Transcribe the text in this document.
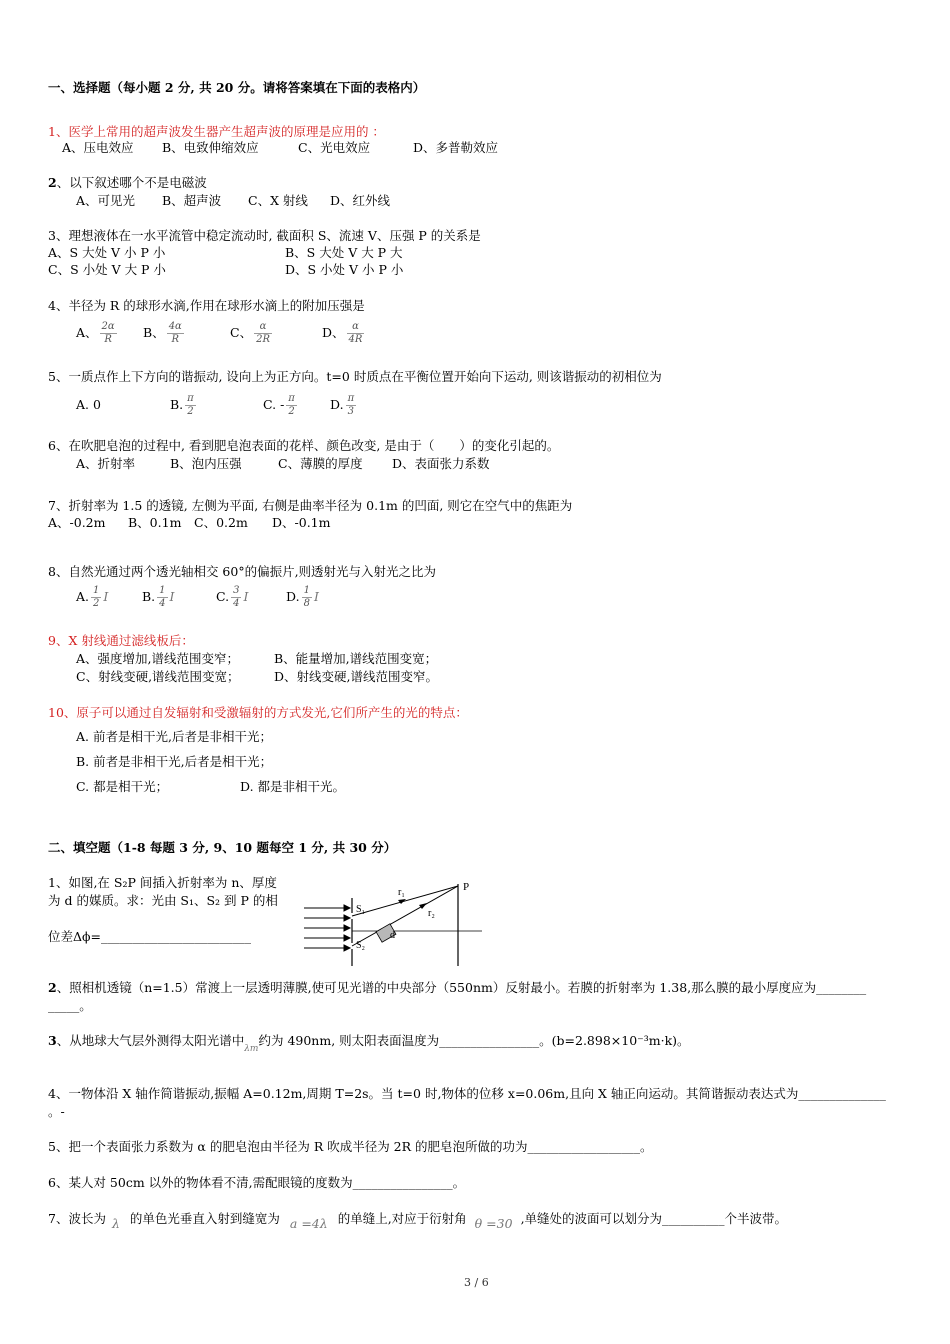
一、选择题（每小题 2 分, 共 20 分。请将答案填在下面的表格内）
1、医学上常用的超声波发生器产生超声波的原理是应用的 ：
A、压电效应 B、电致伸缩效应	C、光电效应	D、多普勒效应
2、以下叙述哪个不是电磁波
A、可见光 B、超声波 C、X 射线 D、红外线
3、理想液体在一水平流管中稳定流动时, 截面积 S、流速 V、压强 P 的关系是
A、S 大处 V 小 P 小	B、S 大处 V 大 P 大
C、S 小处 V 大 P 小	D、S 小处 V 小 P 小
4、半径为 R 的球形水滴,作用在球形水滴上的附加压强是
A、 $\frac{2\alpha}{R}$ B、 $\frac{4\alpha}{R}$	C、 $\frac{\alpha}{2R}$	D、 $\frac{\alpha}{4R}$
5、一质点作上下方向的谐振动, 设向上为正方向。t=0 时质点在平衡位置开始向下运动, 则该谐振动的初相位为
A. 0	B. $\frac{\pi}{2}$	C. - $\frac{\pi}{2}$	D. $\frac{\pi}{3}$
6、在吹肥皂泡的过程中, 看到肥皂泡表面的花样、颜色改变, 是由于（　　）的变化引起的。
A、折射率	B、泡内压强	C、薄膜的厚度 D、表面张力系数
7、折射率为 1.5 的透镜, 左侧为平面, 右侧是曲率半径为 0.1m 的凹面, 则它在空气中的焦距为
A、-0.2m B、0.1m C、0.2m D、-0.1m
8、自然光通过两个透光轴相交 60°的偏振片,则透射光与入射光之比为
A. $\frac{1}{2}$ I	B. $\frac{1}{4}$ I	C. $\frac{3}{4}$ I	D. $\frac{1}{8}$ I
9、X 射线通过滤线板后：
A、强度增加,谱线范围变窄；	B、能量增加,谱线范围变宽；
C、射线变硬,谱线范围变宽；	D、射线变硬,谱线范围变窄。
10、原子可以通过自发辐射和受激辐射的方式发光,它们所产生的光的特点：
A. 前者是相干光,后者是非相干光；
B. 前者是非相干光,后者是相干光；
C. 都是相干光；	D. 都是非相干光。
二、填空题（1-8 每题 3 分, 9、10 题每空 1 分, 共 30 分）
1、如图,在 S₂P 间插入折射率为 n、厚度
为 d 的媒质。求：光由 S₁、S₂ 到 P 的相
位差Δϕ=________________________
P
r₁
r₂
S₁
S₂
d
2、照相机透镜（n=1.5）常渡上一层透明薄膜,使可见光谱的中央部分（550nm）反射最小。若膜的折射率为 1.38,那么膜的最小厚度应为________
_____。
3、从地球大气层外测得太阳光谱中$_{\lambda m}$约为 490nm, 则太阳表面温度为________________。(b=2.898×10⁻³m·k)。
4、一物体沿 X 轴作简谐振动,振幅 A=0.12m,周期 T=2s。当 t=0 时,物体的位移 x=0.06m,且向 X 轴正向运动。其简谐振动表达式为______________
。-
5、把一个表面张力系数为 α 的肥皂泡由半径为 R 吹成半径为 2R 的肥皂泡所做的功为__________________。
6、某人对 50cm 以外的物体看不清,需配眼镜的度数为________________。
7、波长为 λ 的单色光垂直入射到缝宽为 a =4λ 的单缝上,对应于衍射角 θ =30 ,单缝处的波面可以划分为__________个半波带。
3 / 6
